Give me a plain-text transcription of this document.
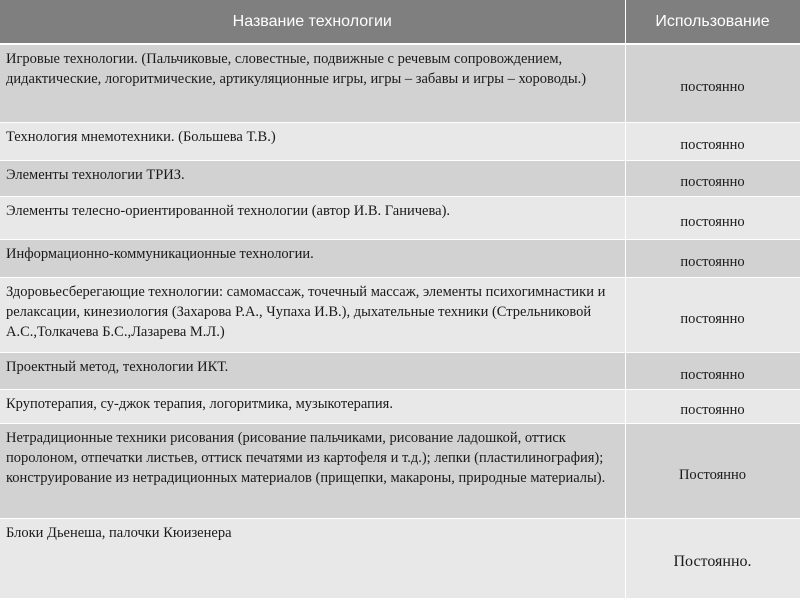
Название технологии	Использование
Игровые технологии. (Пальчиковые, словестные, подвижные с речевым сопровождением, дидактические, логоритмические, артикуляционные игры, игры – забавы и игры – хороводы.)	постоянно
Технология мнемотехники. (Большева Т.В.)	постоянно
Элементы технологии ТРИЗ.	постоянно
Элементы телесно-ориентированной технологии (автор И.В. Ганичева).	постоянно
Информационно-коммуникационные технологии.	постоянно
Здоровьесберегающие технологии: самомассаж, точечный массаж, элементы психогимнастики и релаксации, кинезиология (Захарова Р.А., Чупаха И.В.), дыхательные техники (Стрельниковой А.С.,Толкачева Б.С.,Лазарева М.Л.)	постоянно
Проектный метод, технологии ИКТ.	постоянно
Крупотерапия, су-джок терапия, логоритмика, музыкотерапия.	постоянно
Нетрадиционные техники рисования (рисование пальчиками, рисование ладошкой, оттиск поролоном, отпечатки листьев, оттиск печатями из картофеля и т.д.); лепки (пластилинография); конструирование из нетрадиционных материалов (прищепки, макароны, природные материалы).	Постоянно
Блоки Дьенеша, палочки Кюизенера	Постоянно.
